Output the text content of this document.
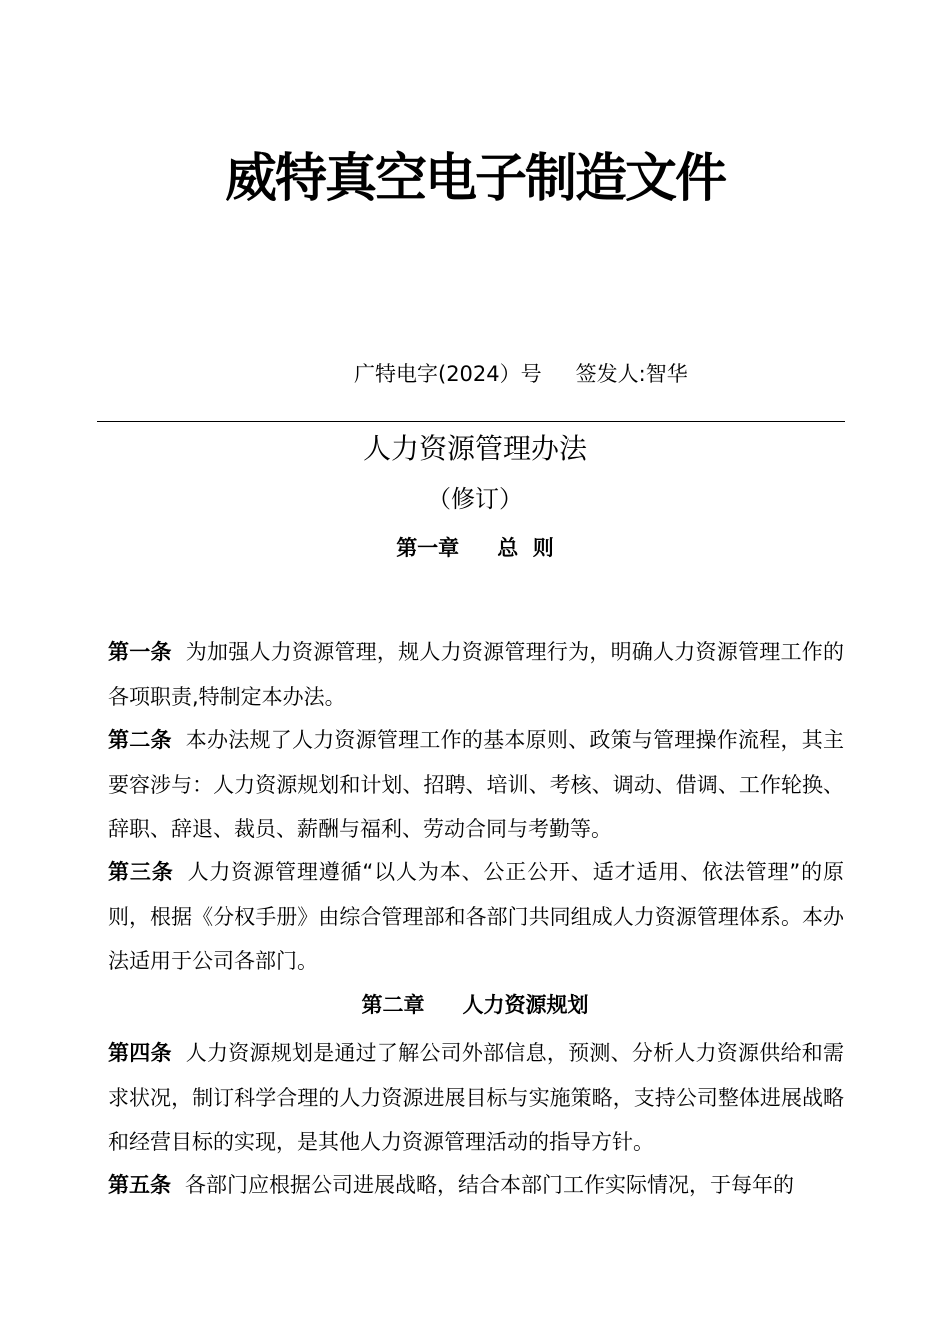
威特真空电子制造文件
广特电字(2024）号 签发人:智华
人力资源管理办法
（修订）
第一章 总  则

第一条 为加强人力资源管理，规人力资源管理行为，明确人力资源管理工作的各项职责,特制定本办法。

第二条 本办法规了人力资源管理工作的基本原则、政策与管理操作流程，其主要容涉与：人力资源规划和计划、招聘、培训、考核、调动、借调、工作轮换、辞职、辞退、裁员、薪酬与福利、劳动合同与考勤等。

第三条 人力资源管理遵循“以人为本、公正公开、适才适用、依法管理”的原则，根据《分权手册》由综合管理部和各部门共同组成人力资源管理体系。本办法适用于公司各部门。

第二章 人力资源规划

第四条 人力资源规划是通过了解公司外部信息，预测、分析人力资源供给和需求状况，制订科学合理的人力资源进展目标与实施策略，支持公司整体进展战略和经营目标的实现，是其他人力资源管理活动的指导方针。

第五条 各部门应根据公司进展战略，结合本部门工作实际情况，于每年的
